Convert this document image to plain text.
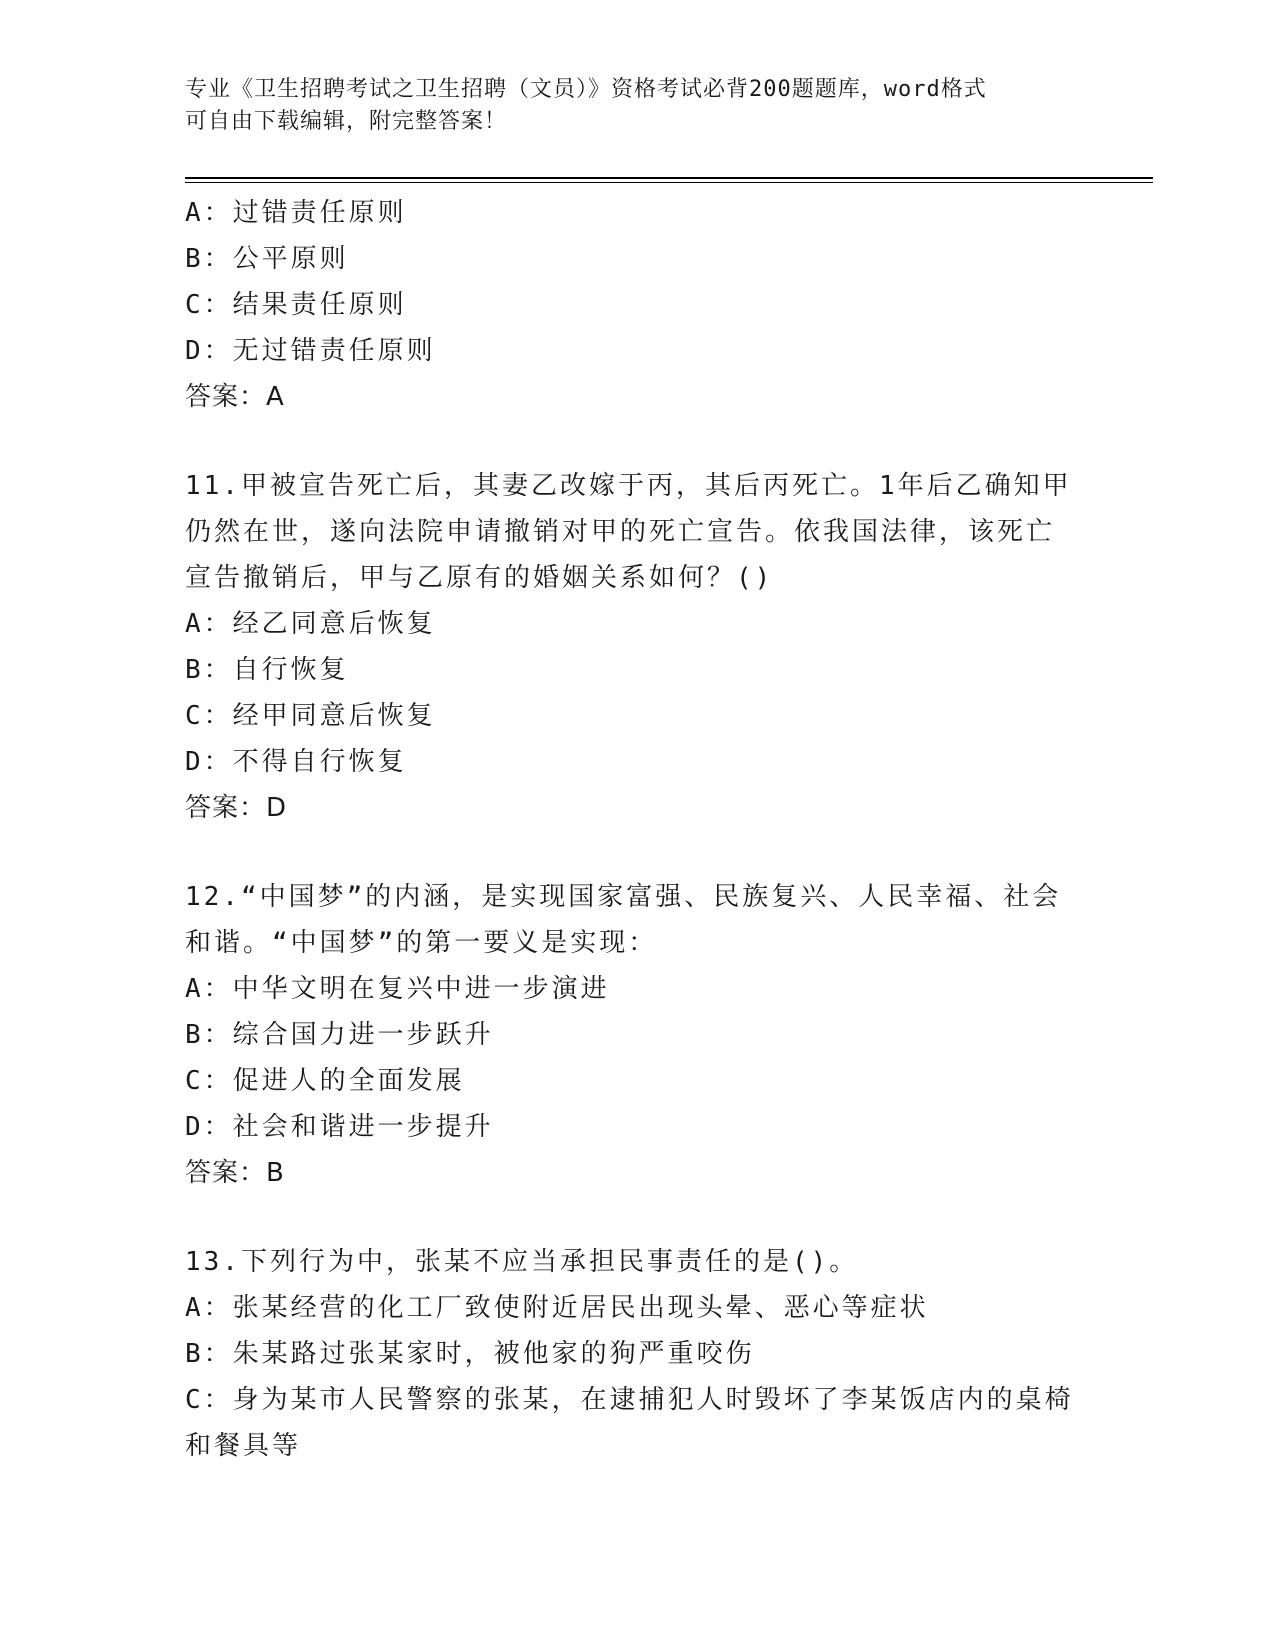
专业《卫生招聘考试之卫生招聘（文员）》资格考试必背200题题库，word格式
可自由下载编辑，附完整答案！
A：过错责任原则
B：公平原则
C：结果责任原则
D：无过错责任原则
答案：A
11.甲被宣告死亡后，其妻乙改嫁于丙，其后丙死亡。1年后乙确知甲
仍然在世，遂向法院申请撤销对甲的死亡宣告。依我国法律，该死亡
宣告撤销后，甲与乙原有的婚姻关系如何？()
A：经乙同意后恢复
B：自行恢复
C：经甲同意后恢复
D：不得自行恢复
答案：D
12.“中国梦”的内涵，是实现国家富强、民族复兴、人民幸福、社会
和谐。“中国梦”的第一要义是实现：
A：中华文明在复兴中进一步演进
B：综合国力进一步跃升
C：促进人的全面发展
D：社会和谐进一步提升
答案：B
13.下列行为中，张某不应当承担民事责任的是()。
A：张某经营的化工厂致使附近居民出现头晕、恶心等症状
B：朱某路过张某家时，被他家的狗严重咬伤
C：身为某市人民警察的张某，在逮捕犯人时毁坏了李某饭店内的桌椅
和餐具等
